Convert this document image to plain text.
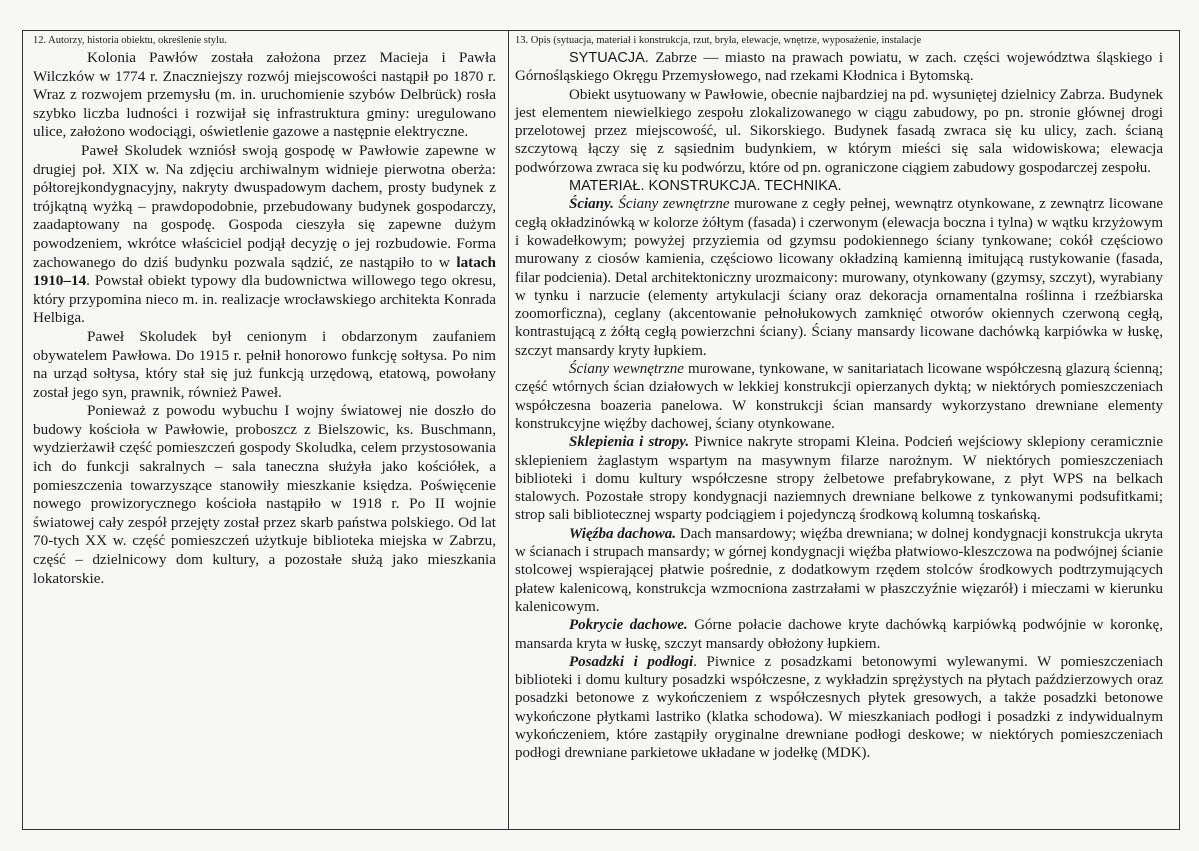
12. Autorzy, historia obiektu, określenie stylu.

Kolonia Pawłów została założona przez Macieja i Pawła Wilczków w 1774 r. Znaczniejszy rozwój miejscowości nastąpił po 1870 r. Wraz z rozwojem przemysłu (m. in. uruchomienie szybów Delbrück) rosła szybko liczba ludności i rozwijał się infrastruktura gminy: uregulowano ulice, założono wodociągi, oświetlenie gazowe a następnie elektryczne.

Paweł Skoludek wzniósł swoją gospodę w Pawłowie zapewne w drugiej poł. XIX w. Na zdjęciu archiwalnym widnieje pierwotna oberża: półtorejkondygnacyjny, nakryty dwuspadowym dachem, prosty budynek z trójkątną wyżką – prawdopodobnie, przebudowany budynek gospodarczy, zaadaptowany na gospodę. Gospoda cieszyła się zapewne dużym powodzeniem, wkrótce właściciel podjął decyzję o jej rozbudowie. Forma zachowanego do dziś budynku pozwala sądzić, ze nastąpiło to w latach 1910–14. Powstał obiekt typowy dla budownictwa willowego tego okresu, który przypomina nieco m. in. realizacje wrocławskiego architekta Konrada Helbiga.

Paweł Skoludek był cenionym i obdarzonym zaufaniem obywatelem Pawłowa. Do 1915 r. pełnił honorowo funkcję sołtysa. Po nim na urząd sołtysa, który stał się już funkcją urzędową, etatową, powołany został jego syn, prawnik, również Paweł.

Ponieważ z powodu wybuchu I wojny światowej nie doszło do budowy kościoła w Pawłowie, proboszcz z Bielszowic, ks. Buschmann, wydzierżawił część pomieszczeń gospody Skoludka, celem przystosowania ich do funkcji sakralnych – sala taneczna służyła jako kościółek, a pomieszczenia towarzyszące stanowiły mieszkanie księdza. Poświęcenie nowego prowizorycznego kościoła nastąpiło w 1918 r. Po II wojnie światowej cały zespół przejęty został przez skarb państwa polskiego. Od lat 70-tych XX w. część pomieszczeń użytkuje biblioteka miejska w Zabrzu, część – dzielnicowy dom kultury, a pozostałe służą jako mieszkania lokatorskie.

13. Opis (sytuacja, materiał i konstrukcja, rzut, bryła, elewacje, wnętrze, wyposażenie, instalacje

SYTUACJA. Zabrze — miasto na prawach powiatu, w zach. części województwa śląskiego i Górnośląskiego Okręgu Przemysłowego, nad rzekami Kłodnica i Bytomską.

Obiekt usytuowany w Pawłowie, obecnie najbardziej na pd. wysuniętej dzielnicy Zabrza. Budynek jest elementem niewielkiego zespołu zlokalizowanego w ciągu zabudowy, po pn. stronie głównej drogi przelotowej przez miejscowość, ul. Sikorskiego. Budynek fasadą zwraca się ku ulicy, zach. ścianą szczytową łączy się z sąsiednim budynkiem, w którym mieści się sala widowiskowa; elewacja podwórzowa zwraca się ku podwórzu, które od pn. ograniczone ciągiem zabudowy gospodarczej zespołu.

MATERIAŁ. KONSTRUKCJA. TECHNIKA.

Ściany. Ściany zewnętrzne murowane z cegły pełnej, wewnątrz otynkowane, z zewnątrz licowane cegłą okładzinówką w kolorze żółtym (fasada) i czerwonym (elewacja boczna i tylna) w wątku krzyżowym i kowadełkowym; powyżej przyziemia od gzymsu podokiennego ściany tynkowane; cokół częściowo murowany z ciosów kamienia, częściowo licowany okładziną kamienną imitującą rustykowanie (fasada, filar podcienia). Detal architektoniczny urozmaicony: murowany, otynkowany (gzymsy, szczyt), wyrabiany w tynku i narzucie (elementy artykulacji ściany oraz dekoracja ornamentalna roślinna i rzeźbiarska zoomorficzna), ceglany (akcentowanie pełnołukowych zamknięć otworów okiennych czerwoną cegłą, kontrastującą z żółtą cegłą powierzchni ściany). Ściany mansardy licowane dachówką karpiówka w łuskę, szczyt mansardy kryty łupkiem.

Ściany wewnętrzne murowane, tynkowane, w sanitariatach licowane współczesną glazurą ścienną; część wtórnych ścian działowych w lekkiej konstrukcji opierzanych dyktą; w niektórych pomieszczeniach współczesna boazeria panelowa. W konstrukcji ścian mansardy wykorzystano drewniane elementy konstrukcyjne więźby dachowej, ściany otynkowane.

Sklepienia i stropy. Piwnice nakryte stropami Kleina. Podcień wejściowy sklepiony ceramicznie sklepieniem żaglastym wspartym na masywnym filarze narożnym. W niektórych pomieszczeniach biblioteki i domu kultury współczesne stropy żelbetowe prefabrykowane, z płyt WPS na belkach stalowych. Pozostałe stropy kondygnacji naziemnych drewniane belkowe z tynkowanymi podsufitkami; strop sali bibliotecznej wsparty podciągiem i pojedynczą środkową kolumną toskańską.

Więźba dachowa. Dach mansardowy; więźba drewniana; w dolnej kondygnacji konstrukcja ukryta w ścianach i strupach mansardy; w górnej kondygnacji więźba płatwiowo-kleszczowa na podwójnej ścianie stolcowej wspierającej płatwie pośrednie, z dodatkowym rzędem stolców środkowych podtrzymujących płatew kalenicową, konstrukcja wzmocniona zastrzałami w płaszczyźnie więzarół) i mieczami w kierunku kalenicowym.

Pokrycie dachowe. Górne połacie dachowe kryte dachówką karpiówką podwójnie w koronkę, mansarda kryta w łuskę, szczyt mansardy obłożony łupkiem.

Posadzki i podłogi. Piwnice z posadzkami betonowymi wylewanymi. W pomieszczeniach biblioteki i domu kultury posadzki współczesne, z wykładzin sprężystych na płytach paździerzowych oraz posadzki betonowe z wykończeniem z współczesnych płytek gresowych, a także posadzki betonowe wykończone płytkami lastriko (klatka schodowa). W mieszkaniach podłogi i posadzki z indywidualnym wykończeniem, które zastąpiły oryginalne drewniane podłogi deskowe; w niektórych pomieszczeniach podłogi drewniane parkietowe układane w jodełkę (MDK).
